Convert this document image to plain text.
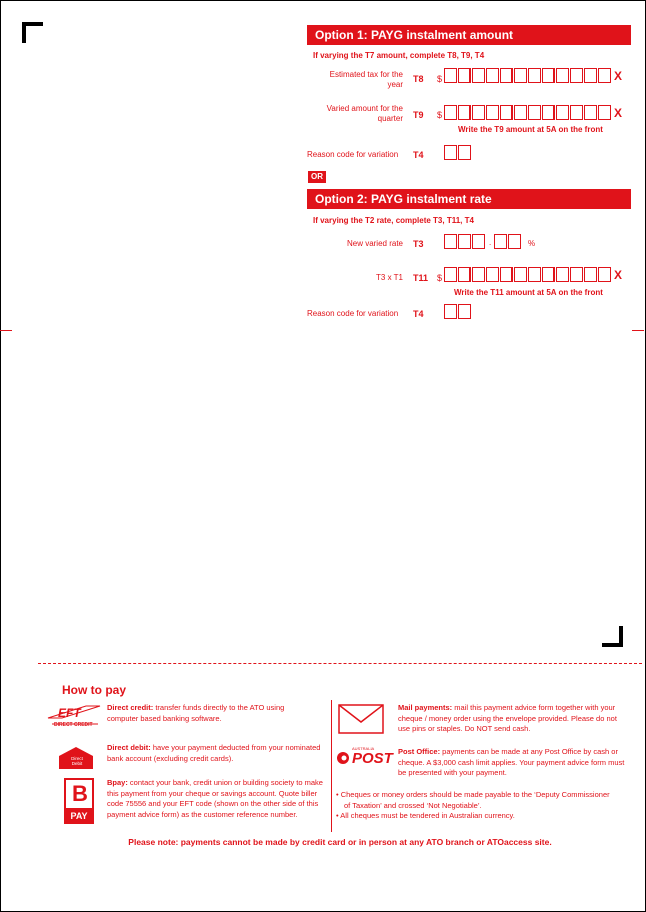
Option 1: PAYG instalment amount
If varying the T7 amount, complete T8, T9, T4
Estimated tax for the
year
T8 $	X
Varied amount for the
quarter T9 $	X
Write the T9 amount at 5A on the front
Reason code for variation T4
OR
Option 2: PAYG instalment rate
If varying the T2 rate, complete T3, T11, T4
New varied rate T3	.	%
T3 x T1 T11 $	X
Write the T11 amount at 5A on the front
Reason code for variation T4
How to pay
EFT
DIRECT CREDIT
Direct credit: transfer funds directly to the ATO using computer based banking software.
Direct Debit
Direct debit: have your payment deducted from your nominated bank account (excluding credit cards).
B
PAY
Bpay: contact your bank, credit union or building society to make this payment from your cheque or savings account. Quote biller code 75556 and your EFT code (shown on the other side of this payment advice form) as the customer reference number.
Mail payments: mail this payment advice form together with your cheque / money order using the envelope provided. Please do not use pins or staples. Do NOT send cash.
AUSTRALIA
POST Post Office: payments can be made at any Post Office by cash or cheque. A $3,000 cash limit applies. Your payment advice form must be presented with your payment.
• Cheques or money orders should be made payable to the ‘Deputy Commissioner of Taxation’ and crossed ‘Not Negotiable’.
• All cheques must be tendered in Australian currency.
Please note: payments cannot be made by credit card or in person at any ATO branch or ATOaccess site.
